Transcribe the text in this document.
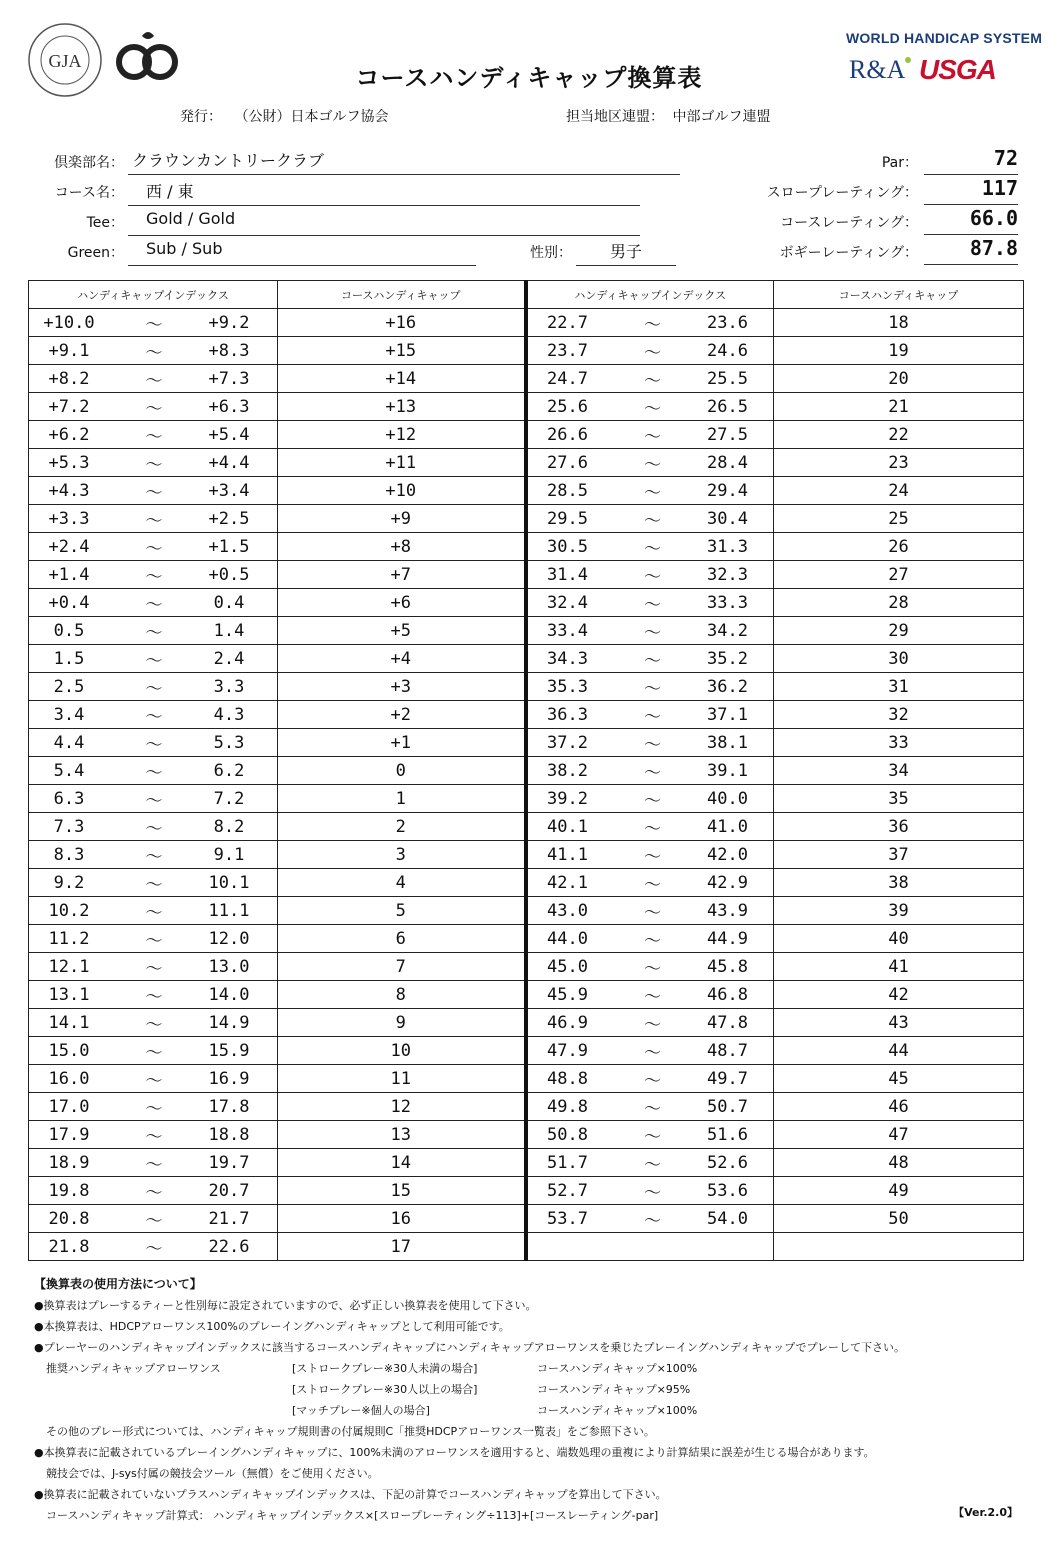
GJA
WORLD HANDICAP SYSTEM
R&A USGA
コースハンディキャップ換算表
発行： （公財）日本ゴルフ協会	担当地区連盟： 中部ゴルフ連盟
倶楽部名： クラウンカントリークラブ
コース名：	西 / 東
Tee：	Gold / Gold
Green：	Sub / Sub	性別：	男子
Par：	72
スロープレーティング：	117
コースレーティング：	66.0
ボギーレーティング：	87.8
ハンディキャップインデックス	コースハンディキャップ	ハンディキャップインデックス	コースハンディキャップ

+10.0 ～ +9.2	+16	22.7 ～ 23.6	18

+9.1 ～ +8.3	+15	23.7 ～ 24.6	19

+8.2 ～ +7.3	+14	24.7 ～ 25.5	20

+7.2 ～ +6.3	+13	25.6 ～ 26.5	21

+6.2 ～ +5.4	+12	26.6 ～ 27.5	22

+5.3 ～ +4.4	+11	27.6 ～ 28.4	23

+4.3 ～ +3.4	+10	28.5 ～ 29.4	24

+3.3 ～ +2.5	+9	29.5 ～ 30.4	25

+2.4 ～ +1.5	+8	30.5 ～ 31.3	26

+1.4 ～ +0.5	+7	31.4 ～ 32.3	27

+0.4 ～ 0.4	+6	32.4 ～ 33.3	28

0.5 ～ 1.4	+5	33.4 ～ 34.2	29

1.5 ～ 2.4	+4	34.3 ～ 35.2	30

2.5 ～ 3.3	+3	35.3 ～ 36.2	31

3.4 ～ 4.3	+2	36.3 ～ 37.1	32

4.4 ～ 5.3	+1	37.2 ～ 38.1	33

5.4 ～ 6.2	0	38.2 ～ 39.1	34

6.3 ～ 7.2	1	39.2 ～ 40.0	35

7.3 ～ 8.2	2	40.1 ～ 41.0	36

8.3 ～ 9.1	3	41.1 ～ 42.0	37

9.2 ～ 10.1	4	42.1 ～ 42.9	38

10.2 ～ 11.1	5	43.0 ～ 43.9	39

11.2 ～ 12.0	6	44.0 ～ 44.9	40

12.1 ～ 13.0	7	45.0 ～ 45.8	41

13.1 ～ 14.0	8	45.9 ～ 46.8	42

14.1 ～ 14.9	9	46.9 ～ 47.8	43

15.0 ～ 15.9	10	47.9 ～ 48.7	44

16.0 ～ 16.9	11	48.8 ～ 49.7	45

17.0 ～ 17.8	12	49.8 ～ 50.7	46

17.9 ～ 18.8	13	50.8 ～ 51.6	47

18.9 ～ 19.7	14	51.7 ～ 52.6	48

19.8 ～ 20.7	15	52.7 ～ 53.6	49

20.8 ～ 21.7	16	53.7 ～ 54.0	50

21.8 ～ 22.6	17	

【換算表の使用方法について】
●換算表はプレーするティーと性別毎に設定されていますので、必ず正しい換算表を使用して下さい。
●本換算表は、HDCPアローワンス100%のプレーイングハンディキャップとして利用可能です。
●プレーヤーのハンディキャップインデックスに該当するコースハンディキャップにハンディキャップアローワンスを乗じたプレーイングハンディキャップでプレーして下さい。
推奨ハンディキャップアローワンス	[ストロークプレー※30人未満の場合]	コースハンディキャップ×100%
[ストロークプレー※30人以上の場合]	コースハンディキャップ×95%
[マッチプレー※個人の場合]	コースハンディキャップ×100%
その他のプレー形式については、ハンディキャップ規則書の付属規則C「推奨HDCPアローワンス一覧表」をご参照下さい。
●本換算表に記載されているプレーイングハンディキャップに、100%未満のアローワンスを適用すると、端数処理の重複により計算結果に誤差が生じる場合があります。
競技会では、J-sys付属の競技会ツール（無償）をご使用ください。
●換算表に記載されていないプラスハンディキャップインデックスは、下記の計算でコースハンディキャップを算出して下さい。
コースハンディキャップ計算式： ハンディキャップインデックス×[スロープレーティング÷113]+[コースレーティング-par]	【Ver.2.0】
